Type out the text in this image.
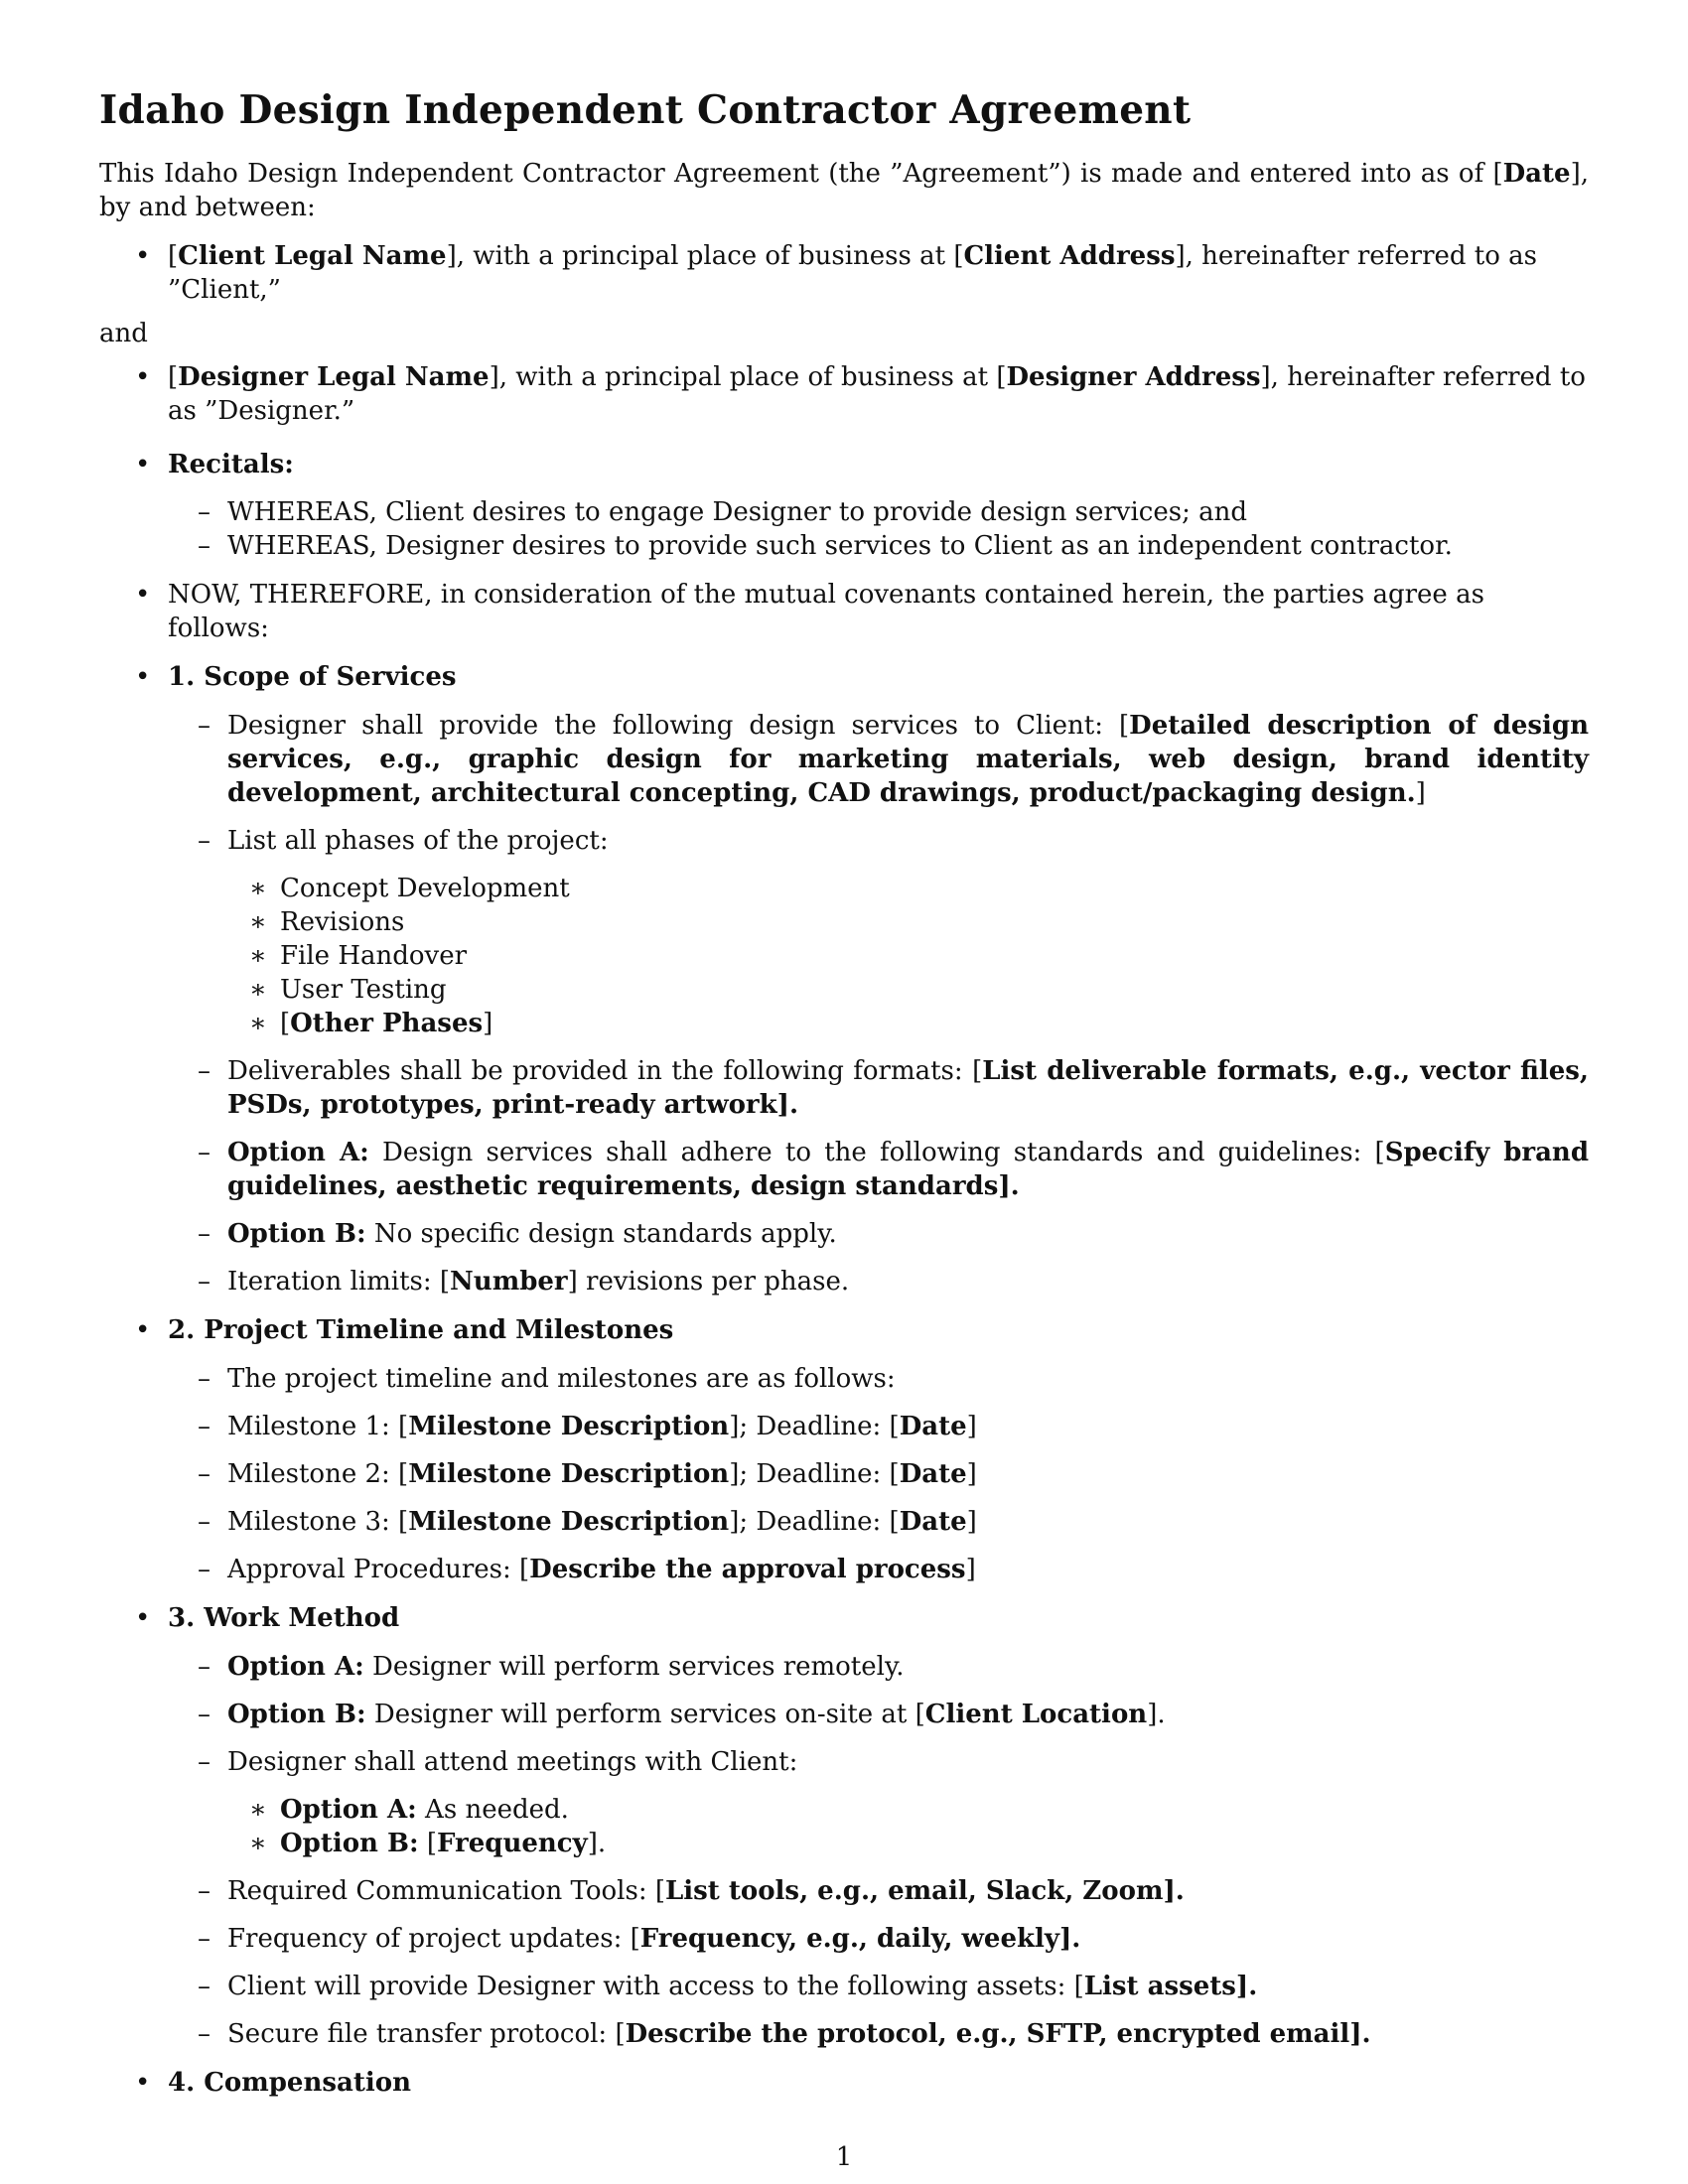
Idaho Design Independent Contractor Agreement

This Idaho Design Independent Contractor Agreement (the ”Agreement”) is made and entered into as of [Date], by and between:

• [Client Legal Name], with a principal place of business at [Client Address], hereinafter referred to as ”Client,”

and

• [Designer Legal Name], with a principal place of business at [Designer Address], hereinafter referred to as ”Designer.”
• Recitals:
– WHEREAS, Client desires to engage Designer to provide design services; and
– WHEREAS, Designer desires to provide such services to Client as an independent contractor.
• NOW, THEREFORE, in consideration of the mutual covenants contained herein, the parties agree as follows:
• 1. Scope of Services
– Designer shall provide the following design services to Client: [Detailed description of design services, e.g., graphic design for marketing materials, web design, brand identity development, architectural concepting, CAD drawings, product/packaging design.]
– List all phases of the project:
∗ Concept Development
∗ Revisions
∗ File Handover
∗ User Testing
∗ [Other Phases]
– Deliverables shall be provided in the following formats: [List deliverable formats, e.g., vector files, PSDs, prototypes, print-ready artwork].
– Option A: Design services shall adhere to the following standards and guidelines: [Specify brand guidelines, aesthetic requirements, design standards].
– Option B: No specific design standards apply.
– Iteration limits: [Number] revisions per phase.
• 2. Project Timeline and Milestones
– The project timeline and milestones are as follows:
– Milestone 1: [Milestone Description]; Deadline: [Date]
– Milestone 2: [Milestone Description]; Deadline: [Date]
– Milestone 3: [Milestone Description]; Deadline: [Date]
– Approval Procedures: [Describe the approval process]
• 3. Work Method
– Option A: Designer will perform services remotely.
– Option B: Designer will perform services on-site at [Client Location].
– Designer shall attend meetings with Client:
∗ Option A: As needed.
∗ Option B: [Frequency].
– Required Communication Tools: [List tools, e.g., email, Slack, Zoom].
– Frequency of project updates: [Frequency, e.g., daily, weekly].
– Client will provide Designer with access to the following assets: [List assets].
– Secure file transfer protocol: [Describe the protocol, e.g., SFTP, encrypted email].
• 4. Compensation
1
